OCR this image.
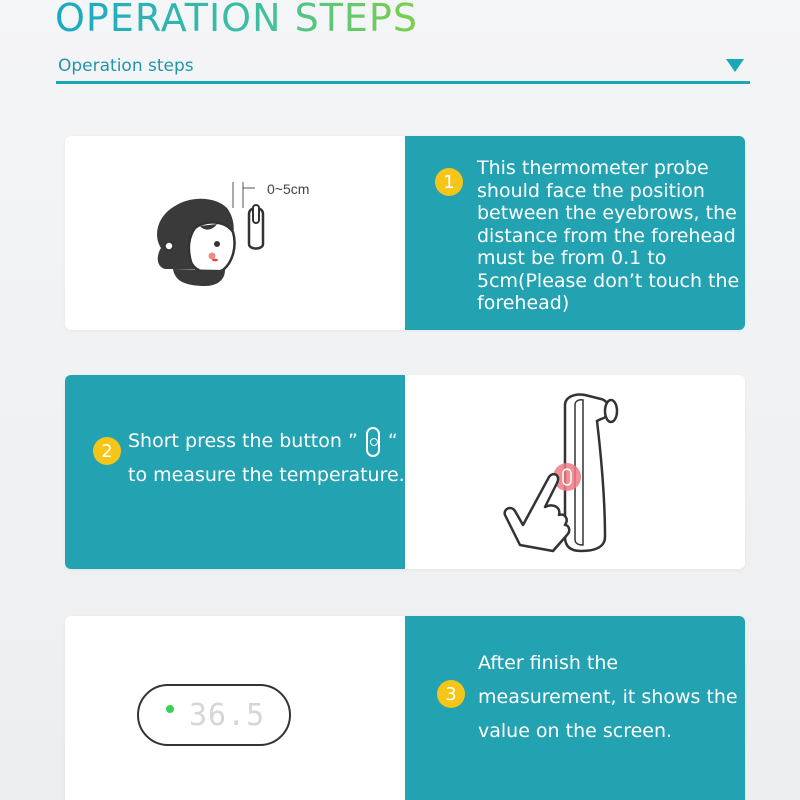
OPERATION STEPS
Operation steps
0~5cm	1
This thermometer probe should face the position between the eyebrows, the distance from the forehead must be from 0.1 to 5cm(Please don’t touch the forehead)
2 Short press the button ” “ to measure the temperature.
36.5
3
After finish the measurement, it shows the value on the screen.
